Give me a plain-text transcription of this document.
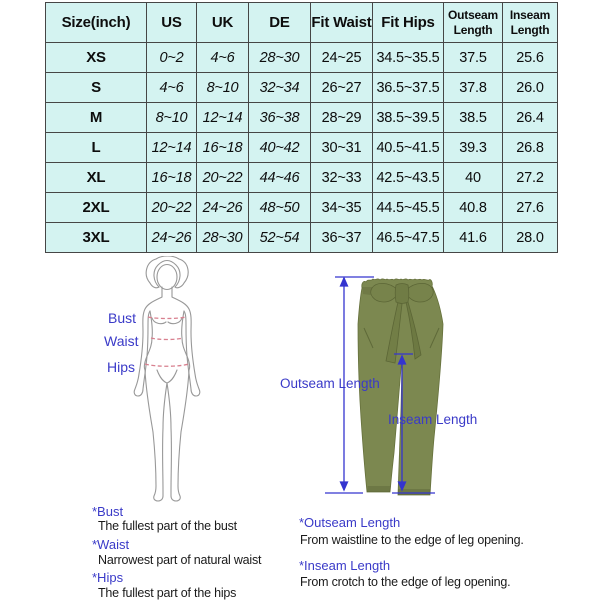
Size(inch)	US	UK	DE	Fit Waist	Fit Hips	Outseam Length	Inseam Length
XS	0~2	4~6	28~30	24~25	34.5~35.5	37.5	25.6
S	4~6	8~10	32~34	26~27	36.5~37.5	37.8	26.0
M	8~10	12~14	36~38	28~29	38.5~39.5	38.5	26.4
L	12~14	16~18	40~42	30~31	40.5~41.5	39.3	26.8
XL	16~18	20~22	44~46	32~33	42.5~43.5	40	27.2
2XL	20~22	24~26	48~50	34~35	44.5~45.5	40.8	27.6
3XL	24~26	28~30	52~54	36~37	46.5~47.5	41.6	28.0
Bust
Waist
Hips
Outseam Length
Inseam Length
*Bust
The fullest part of the bust
*Waist
Narrowest part of natural waist
*Hips
The fullest part of the hips
*Outseam Length
From waistline to the edge of leg opening.
*Inseam Length
From crotch to the edge of leg opening.
